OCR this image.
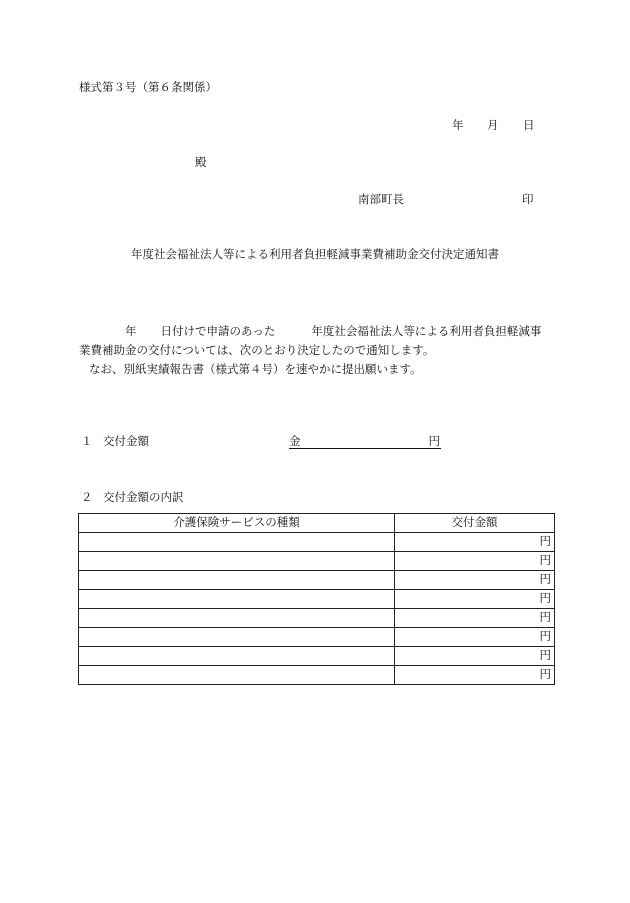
様式第３号（第６条関係）
年 月 日
殿
南部町長	印
年度社会福祉法人等による利用者負担軽減事業費補助金交付決定通知書
年 日付けで申請のあった	年度社会福祉法人等による利用者負担軽減事
業費補助金の交付については、次のとおり決定したので通知します。
なお、別紙実績報告書（様式第４号）を速やかに提出願います。
１ 交付金額	金	円
２ 交付金額の内訳
介護保険サービスの種類	交付金額
	円
	円
	円
	円
	円
	円
	円
	円
